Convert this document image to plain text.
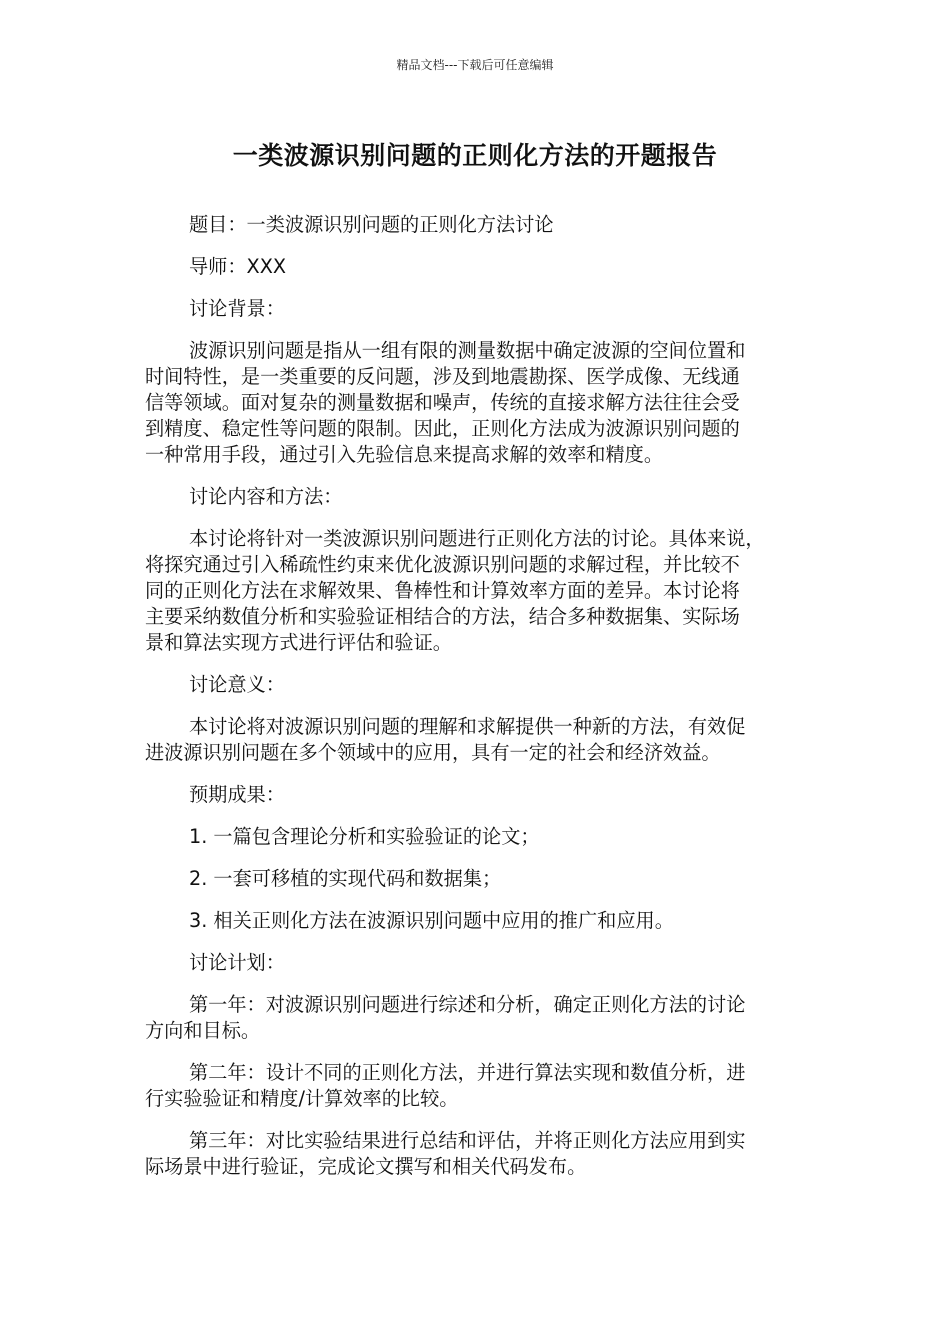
精品文档---下载后可任意编辑
一类波源识别问题的正则化方法的开题报告
题目：一类波源识别问题的正则化方法讨论
导师：XXX
讨论背景：
波源识别问题是指从一组有限的测量数据中确定波源的空间位置和
时间特性，是一类重要的反问题，涉及到地震勘探、医学成像、无线通
信等领域。面对复杂的测量数据和噪声，传统的直接求解方法往往会受
到精度、稳定性等问题的限制。因此，正则化方法成为波源识别问题的
一种常用手段，通过引入先验信息来提高求解的效率和精度。
讨论内容和方法：
本讨论将针对一类波源识别问题进行正则化方法的讨论。具体来说，
将探究通过引入稀疏性约束来优化波源识别问题的求解过程，并比较不
同的正则化方法在求解效果、鲁棒性和计算效率方面的差异。本讨论将
主要采纳数值分析和实验验证相结合的方法，结合多种数据集、实际场
景和算法实现方式进行评估和验证。
讨论意义：
本讨论将对波源识别问题的理解和求解提供一种新的方法，有效促
进波源识别问题在多个领域中的应用，具有一定的社会和经济效益。
预期成果：
1. 一篇包含理论分析和实验验证的论文；
2. 一套可移植的实现代码和数据集；
3. 相关正则化方法在波源识别问题中应用的推广和应用。
讨论计划：
第一年：对波源识别问题进行综述和分析，确定正则化方法的讨论
方向和目标。
第二年：设计不同的正则化方法，并进行算法实现和数值分析，进
行实验验证和精度/计算效率的比较。
第三年：对比实验结果进行总结和评估，并将正则化方法应用到实
际场景中进行验证，完成论文撰写和相关代码发布。
